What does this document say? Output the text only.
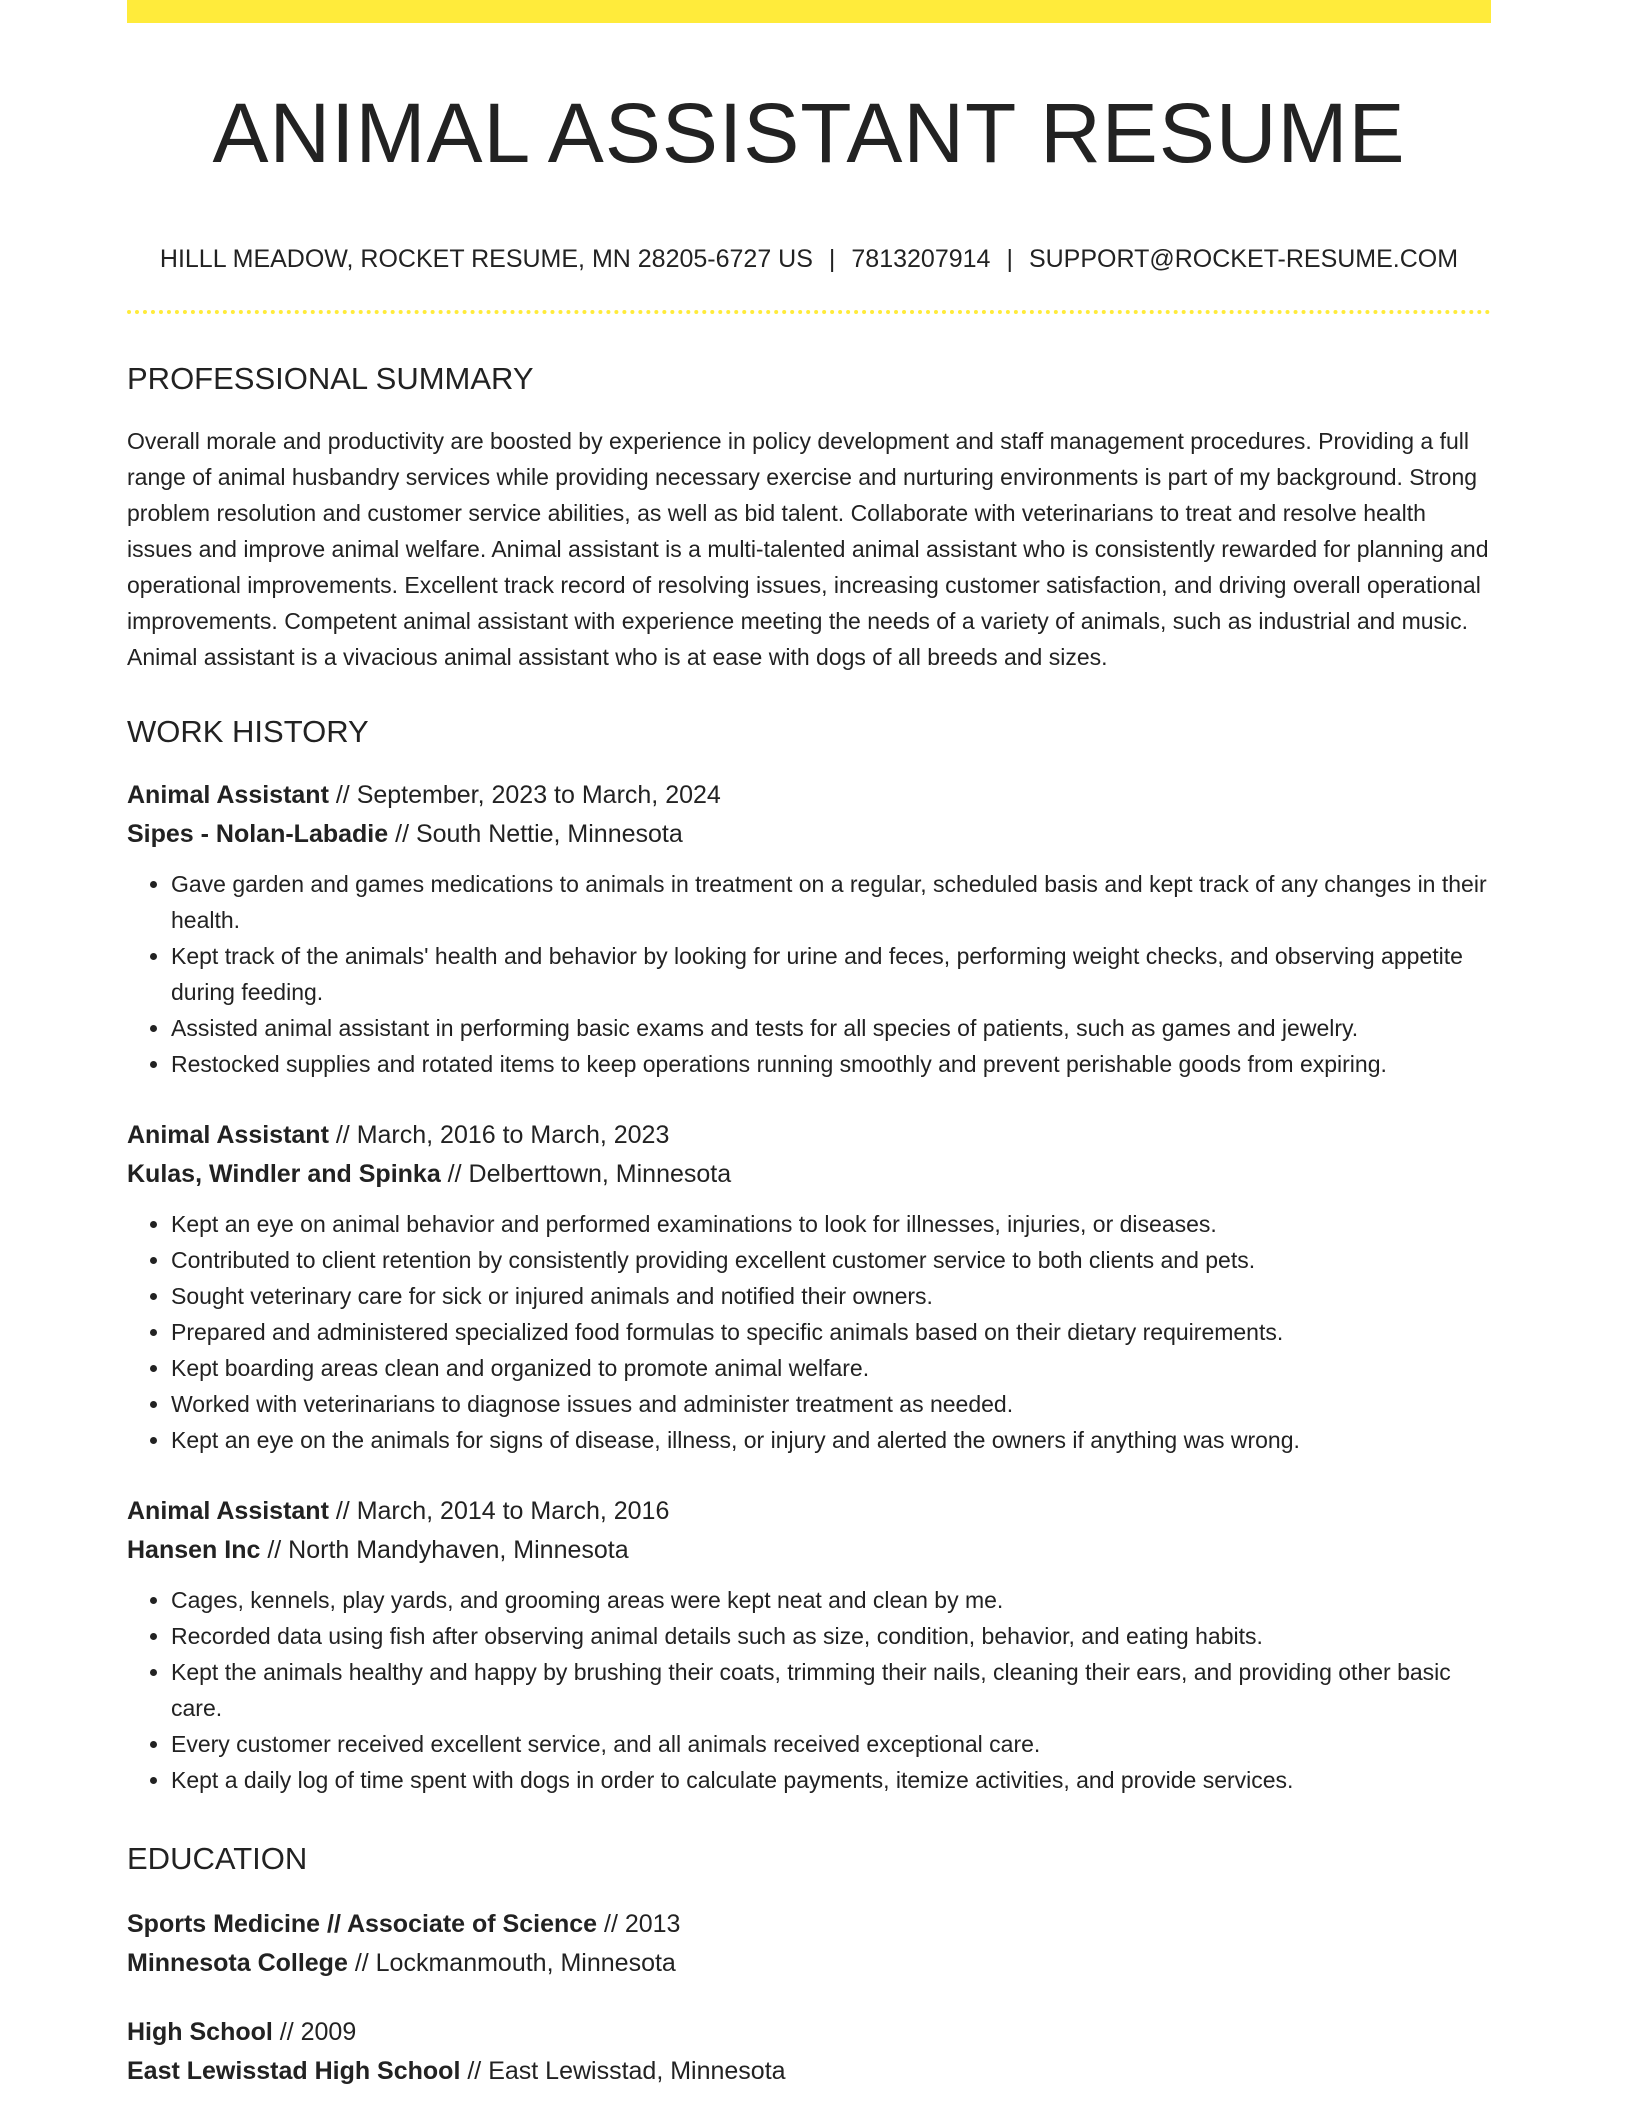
ANIMAL ASSISTANT RESUME
HILLL MEADOW, ROCKET RESUME, MN 28205-6727 US | 7813207914 | SUPPORT@ROCKET-RESUME.COM
PROFESSIONAL SUMMARY
Overall morale and productivity are boosted by experience in policy development and staff management procedures. Providing a full range of animal husbandry services while providing necessary exercise and nurturing environments is part of my background. Strong problem resolution and customer service abilities, as well as bid talent. Collaborate with veterinarians to treat and resolve health issues and improve animal welfare. Animal assistant is a multi-talented animal assistant who is consistently rewarded for planning and operational improvements. Excellent track record of resolving issues, increasing customer satisfaction, and driving overall operational improvements. Competent animal assistant with experience meeting the needs of a variety of animals, such as industrial and music. Animal assistant is a vivacious animal assistant who is at ease with dogs of all breeds and sizes.
WORK HISTORY
Animal Assistant // September, 2023 to March, 2024
Sipes - Nolan-Labadie // South Nettie, Minnesota
• Gave garden and games medications to animals in treatment on a regular, scheduled basis and kept track of any changes in their health.
• Kept track of the animals' health and behavior by looking for urine and feces, performing weight checks, and observing appetite during feeding.
• Assisted animal assistant in performing basic exams and tests for all species of patients, such as games and jewelry.
• Restocked supplies and rotated items to keep operations running smoothly and prevent perishable goods from expiring.
Animal Assistant // March, 2016 to March, 2023
Kulas, Windler and Spinka // Delberttown, Minnesota
• Kept an eye on animal behavior and performed examinations to look for illnesses, injuries, or diseases.
• Contributed to client retention by consistently providing excellent customer service to both clients and pets.
• Sought veterinary care for sick or injured animals and notified their owners.
• Prepared and administered specialized food formulas to specific animals based on their dietary requirements.
• Kept boarding areas clean and organized to promote animal welfare.
• Worked with veterinarians to diagnose issues and administer treatment as needed.
• Kept an eye on the animals for signs of disease, illness, or injury and alerted the owners if anything was wrong.
Animal Assistant // March, 2014 to March, 2016
Hansen Inc // North Mandyhaven, Minnesota
• Cages, kennels, play yards, and grooming areas were kept neat and clean by me.
• Recorded data using fish after observing animal details such as size, condition, behavior, and eating habits.
• Kept the animals healthy and happy by brushing their coats, trimming their nails, cleaning their ears, and providing other basic care.
• Every customer received excellent service, and all animals received exceptional care.
• Kept a daily log of time spent with dogs in order to calculate payments, itemize activities, and provide services.
EDUCATION
Sports Medicine // Associate of Science // 2013
Minnesota College // Lockmanmouth, Minnesota
High School // 2009
East Lewisstad High School // East Lewisstad, Minnesota
